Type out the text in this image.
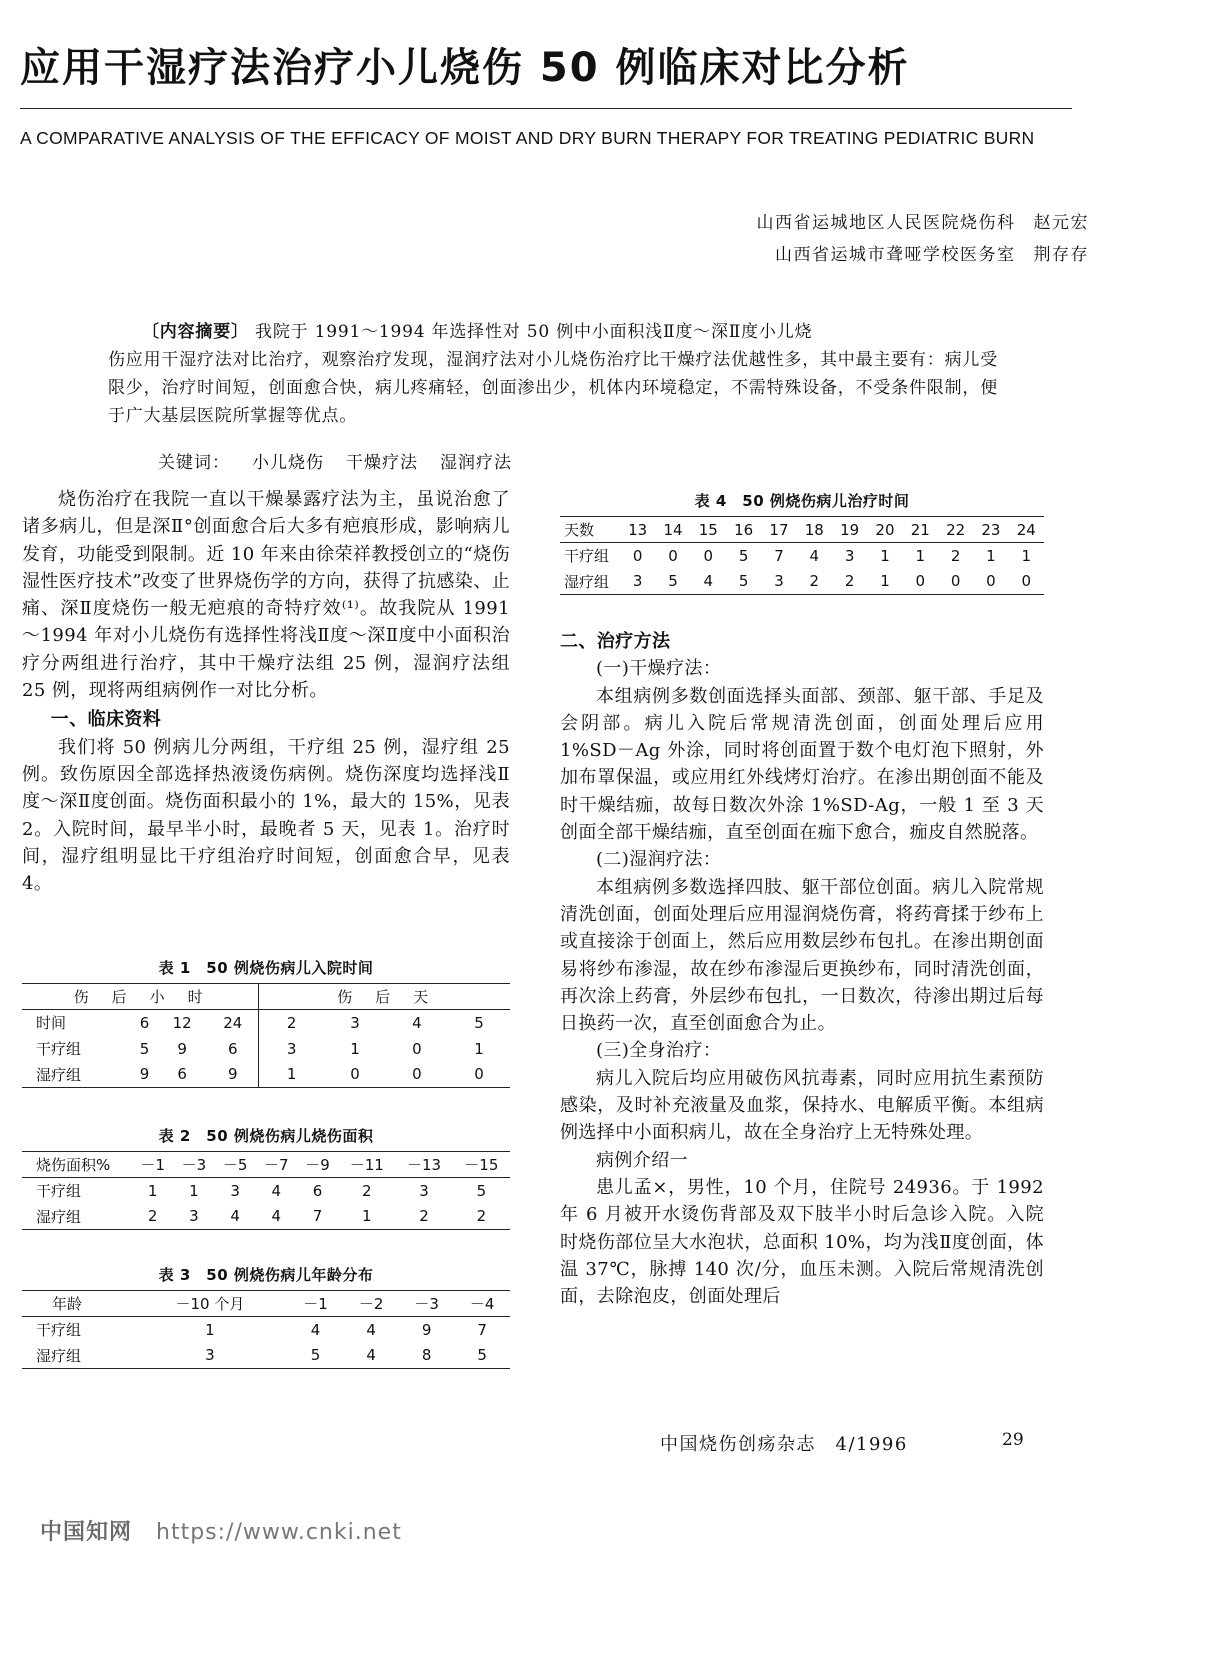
应用干湿疗法治疗小儿烧伤 50 例临床对比分析
A COMPARATIVE ANALYSIS OF THE EFFICACY OF MOIST AND DRY BURN THERAPY FOR TREATING PEDIATRIC BURN
山西省运城地区人民医院烧伤科 赵元宏
山西省运城市聋哑学校医务室 荆存存

〔内容摘要〕 我院于 1991～1994 年选择性对 50 例中小面积浅Ⅱ度～深Ⅱ度小儿烧

伤应用干湿疗法对比治疗，观察治疗发现，湿润疗法对小儿烧伤治疗比干燥疗法优越性多，其中最主要有：病儿受限少，治疗时间短，创面愈合快，病儿疼痛轻，创面渗出少，机体内环境稳定，不需特殊设备，不受条件限制，便于广大基层医院所掌握等优点。

关键词： 小儿烧伤 干燥疗法 湿润疗法

烧伤治疗在我院一直以干燥暴露疗法为主，虽说治愈了诸多病儿，但是深Ⅱ°创面愈合后大多有疤痕形成，影响病儿发育，功能受到限制。近 10 年来由徐荣祥教授创立的“烧伤湿性医疗技术”改变了世界烧伤学的方向，获得了抗感染、止痛、深Ⅱ度烧伤一般无疤痕的奇特疗效⁽¹⁾。故我院从 1991～1994 年对小儿烧伤有选择性将浅Ⅱ度～深Ⅱ度中小面积治疗分两组进行治疗，其中干燥疗法组 25 例，湿润疗法组 25 例，现将两组病例作一对比分析。

一、临床资料

我们将 50 例病儿分两组，干疗组 25 例，湿疗组 25 例。致伤原因全部选择热液烫伤病例。烧伤深度均选择浅Ⅱ度～深Ⅱ度创面。烧伤面积最小的 1%，最大的 15%，见表 2。入院时间，最早半小时，最晚者 5 天，见表 1。治疗时间，湿疗组明显比干疗组治疗时间短，创面愈合早，见表 4。

表 1　50 例烧伤病儿入院时间
伤　后　小　时				伤　后　天			
时间	6	12	24	2	3	4	5
干疗组	5	9	6	3	1	0	1
湿疗组	9	6	9	1	0	0	0
表 2　50 例烧伤病儿烧伤面积
烧伤面积%	－1	－3	－5	－7	－9	－11	－13	－15
干疗组	1	1	3	4	6	2	3	5
湿疗组	2	3	4	4	7	1	2	2
表 3　50 例烧伤病儿年龄分布
年龄	－10 个月	－1	－2	－3	－4
干疗组	1	4	4	9	7
湿疗组	3	5	4	8	5
表 4　50 例烧伤病儿治疗时间
天数	13	14	15	16	17	18	19	20	21	22	23	24
干疗组	0	0	0	5	7	4	3	1	1	2	1	1
湿疗组	3	5	4	5	3	2	2	1	0	0	0	0

二、治疗方法

(一)干燥疗法：

本组病例多数创面选择头面部、颈部、躯干部、手足及会阴部。病儿入院后常规清洗创面，创面处理后应用 1%SD－Ag 外涂，同时将创面置于数个电灯泡下照射，外加布罩保温，或应用红外线烤灯治疗。在渗出期创面不能及时干燥结痂，故每日数次外涂 1%SD-Ag，一般 1 至 3 天创面全部干燥结痂，直至创面在痂下愈合，痂皮自然脱落。

(二)湿润疗法：

本组病例多数选择四肢、躯干部位创面。病儿入院常规清洗创面，创面处理后应用湿润烧伤膏，将药膏揉于纱布上或直接涂于创面上，然后应用数层纱布包扎。在渗出期创面易将纱布渗湿，故在纱布渗湿后更换纱布，同时清洗创面，再次涂上药膏，外层纱布包扎，一日数次，待渗出期过后每日换药一次，直至创面愈合为止。

(三)全身治疗：

病儿入院后均应用破伤风抗毒素，同时应用抗生素预防感染，及时补充液量及血浆，保持水、电解质平衡。本组病例选择中小面积病儿，故在全身治疗上无特殊处理。

病例介绍一

患儿孟×，男性，10 个月，住院号 24936。于 1992 年 6 月被开水烫伤背部及双下肢半小时后急诊入院。入院时烧伤部位呈大水泡状，总面积 10%，均为浅Ⅱ度创面，体温 37℃，脉搏 140 次/分，血压未测。入院后常规清洗创面，去除泡皮，创面处理后

中国烧伤创疡杂志　4/1996	29
中国知网 https://www.cnki.net
